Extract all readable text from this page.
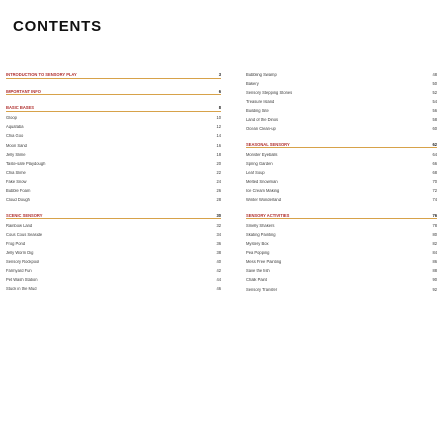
CONTENTS
INTRODUCTION TO SENSORY PLAY	3
IMPORTANT INFO	6
BASIC BASES	8
Gloop	10
Aquafaba	12
Chia Goo	14
Moon Sand	16
Jelly Slime	18
Taste-safe Playdough	20
Chia Slime	22
Fake Snow	24
Bubble Foam	26
Cloud Dough	28
SCENIC SENSORY	30
Rainbow Land	32
Cous Cous Seaside	34
Frog Pond	36
Jelly Worm Dig	38
Sensory Rockpool	40
Farmyard Fun	42
Pet Wash Station	44
Stuck in the Mud	46
Bubbling Swamp	48
Bakery	50
Sensory Stepping Stones	52
Treasure Island	54
Building Site	56
Land of the Dinos	58
Ocean Clean-up	60
SEASONAL SENSORY	62
Monster Eyeballs	64
Spring Garden	66
Leaf Soup	68
Melted Snowman	70
Ice Cream Making	72
Winter Wonderland	74
SENSORY ACTIVITIES	76
Smelly Shakers	78
Skating Painting	80
Mystery Box	82
Pea Popping	84
Mess Free Painting	86
Save the fish	88
Chalk Paint	90
Sensory Transfer	92
